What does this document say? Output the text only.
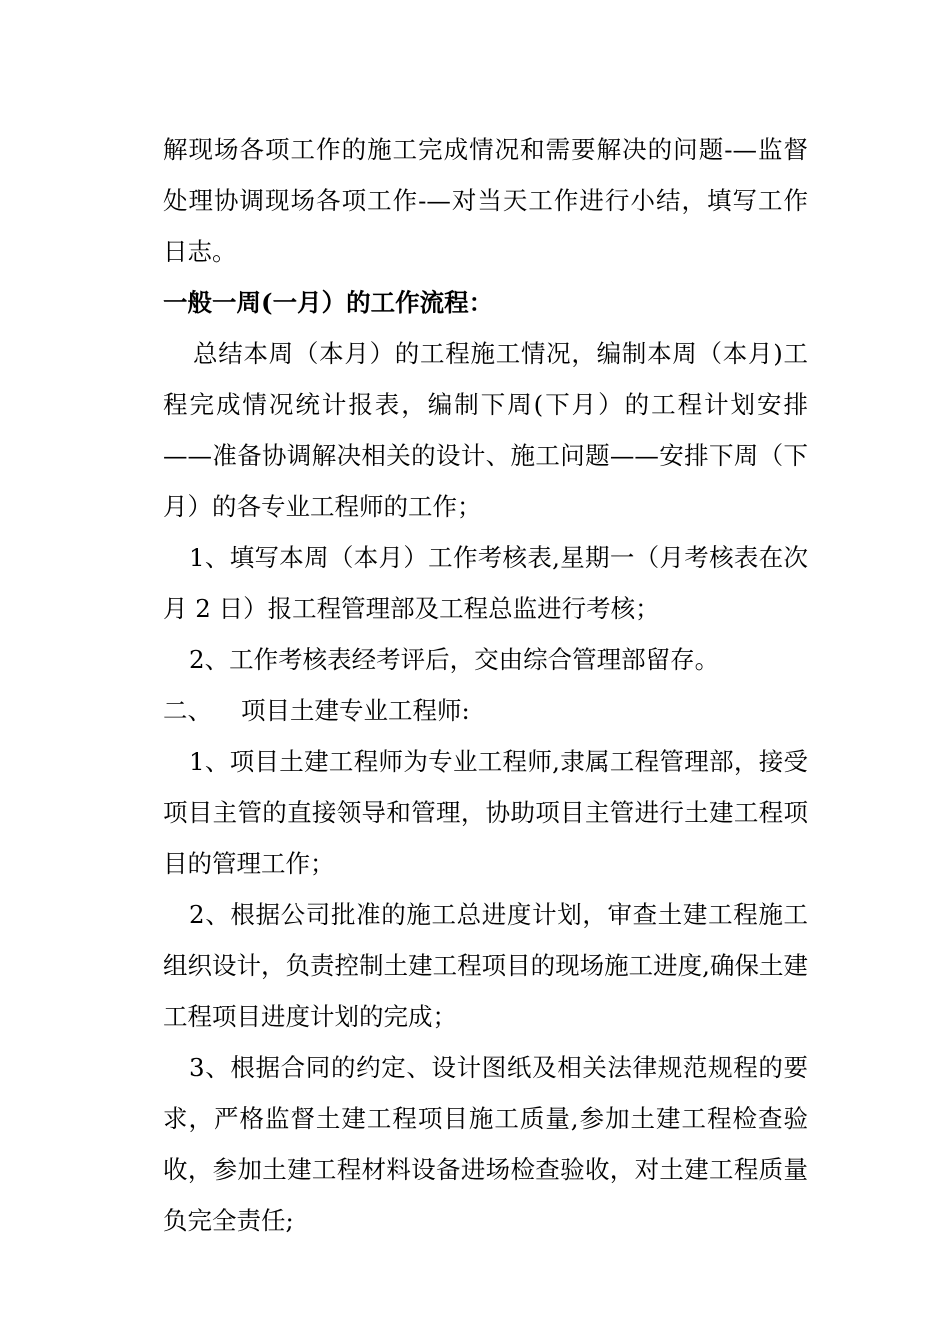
解现场各项工作的施工完成情况和需要解决的问题-—监督处理协调现场各项工作-—对当天工作进行小结，填写工作日志。

一般一周(一月）的工作流程：

总结本周（本月）的工程施工情况，编制本周（本月)工程完成情况统计报表，编制下周(下月）的工程计划安排——准备协调解决相关的设计、施工问题——安排下周（下月）的各专业工程师的工作；

1、填写本周（本月）工作考核表,星期一（月考核表在次月 2 日）报工程管理部及工程总监进行考核；

2、工作考核表经考评后，交由综合管理部留存。

二、 项目土建专业工程师:

1、项目土建工程师为专业工程师,隶属工程管理部，接受项目主管的直接领导和管理，协助项目主管进行土建工程项目的管理工作；

2、根据公司批准的施工总进度计划，审查土建工程施工组织设计，负责控制土建工程项目的现场施工进度,确保土建工程项目进度计划的完成；

3、根据合同的约定、设计图纸及相关法律规范规程的要求，严格监督土建工程项目施工质量,参加土建工程检查验收，参加土建工程材料设备进场检查验收，对土建工程质量负完全责任;
